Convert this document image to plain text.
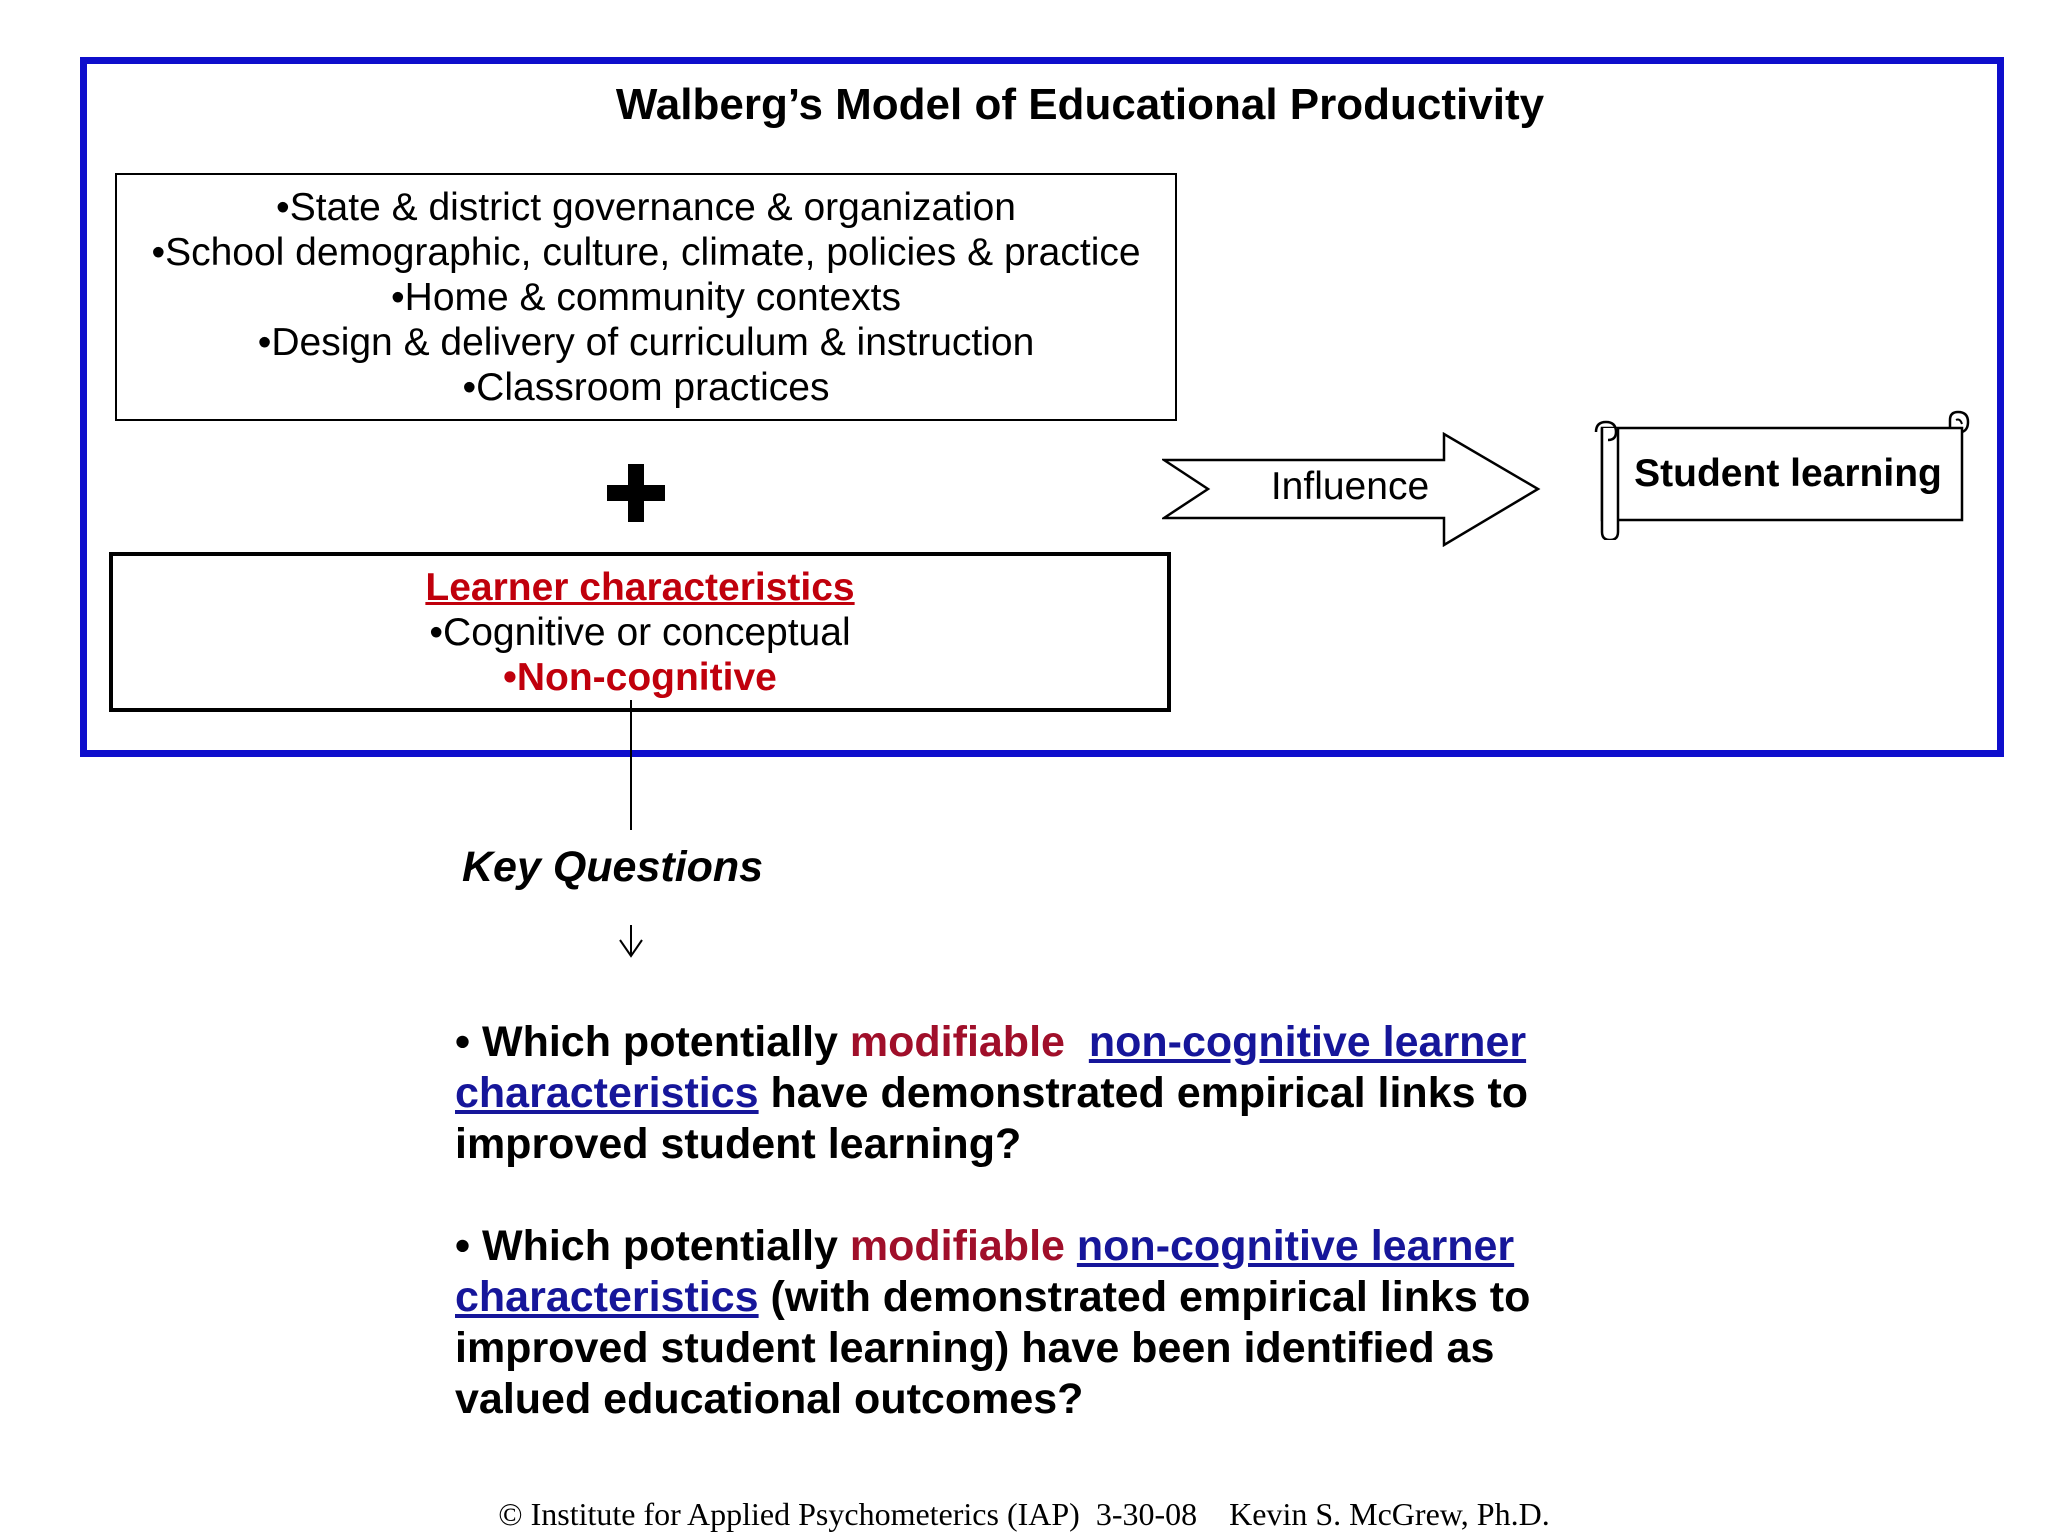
Walberg’s Model of Educational Productivity
•State & district governance & organization
•School demographic, culture, climate, policies & practice
•Home & community contexts
•Design & delivery of curriculum & instruction
•Classroom practices
Learner characteristics
•Cognitive or conceptual
•Non-cognitive
Influence	Student learning
Key Questions
• Which potentially modifiable non-cognitive learner
characteristics have demonstrated empirical links to
improved student learning?
• Which potentially modifiable non-cognitive learner
characteristics (with demonstrated empirical links to
improved student learning) have been identified as
valued educational outcomes?
© Institute for Applied Psychometerics (IAP)  3-30-08    Kevin S. McGrew, Ph.D.
